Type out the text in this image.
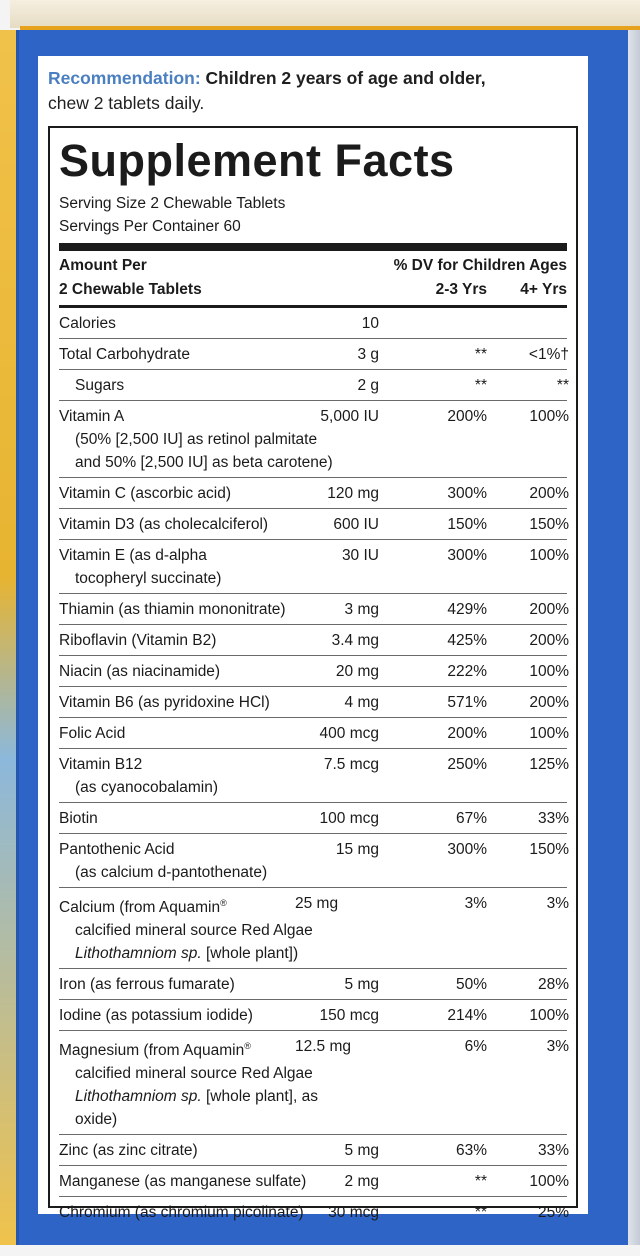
Recommendation: Children 2 years of age and older,
chew 2 tablets daily.
Supplement Facts
Serving Size 2 Chewable Tablets
Servings Per Container 60
Amount Per
2 Chewable Tablets
% DV for Children Ages
2-3 Yrs 4+ Yrs
Calories	10
Total Carbohydrate	3 g	**	<1%†
Sugars	2 g	**	**
Vitamin A
(50% [2,500 IU] as retinol palmitate
and 50% [2,500 IU] as beta carotene)
5,000 IU	200%	100%
Vitamin C (ascorbic acid)	120 mg	300%	200%
Vitamin D3 (as cholecalciferol)	600 IU	150%	150%
Vitamin E (as d-alpha
tocopheryl succinate)
30 IU	300%	100%
Thiamin (as thiamin mononitrate)	3 mg	429%	200%
Riboflavin (Vitamin B2)	3.4 mg	425%	200%
Niacin (as niacinamide)	20 mg	222%	100%
Vitamin B6 (as pyridoxine HCl)	4 mg	571%	200%
Folic Acid	400 mcg	200%	100%
Vitamin B12
(as cyanocobalamin)
7.5 mcg	250%	125%
Biotin	100 mcg	67%	33%
Pantothenic Acid
(as calcium d-pantothenate)
15 mg	300%	150%
Calcium (from Aquamin®
calcified mineral source Red Algae
Lithothamniom sp. [whole plant])
25 mg	3%	3%
Iron (as ferrous fumarate)	5 mg	50%	28%
Iodine (as potassium iodide)	150 mcg	214%	100%
Magnesium (from Aquamin®
calcified mineral source Red Algae
Lithothamniom sp. [whole plant], as oxide)
12.5 mg	6%	3%
Zinc (as zinc citrate)	5 mg	63%	33%
Manganese (as manganese sulfate)	2 mg	**	100%
Chromium (as chromium picolinate)	30 mcg	**	25%
